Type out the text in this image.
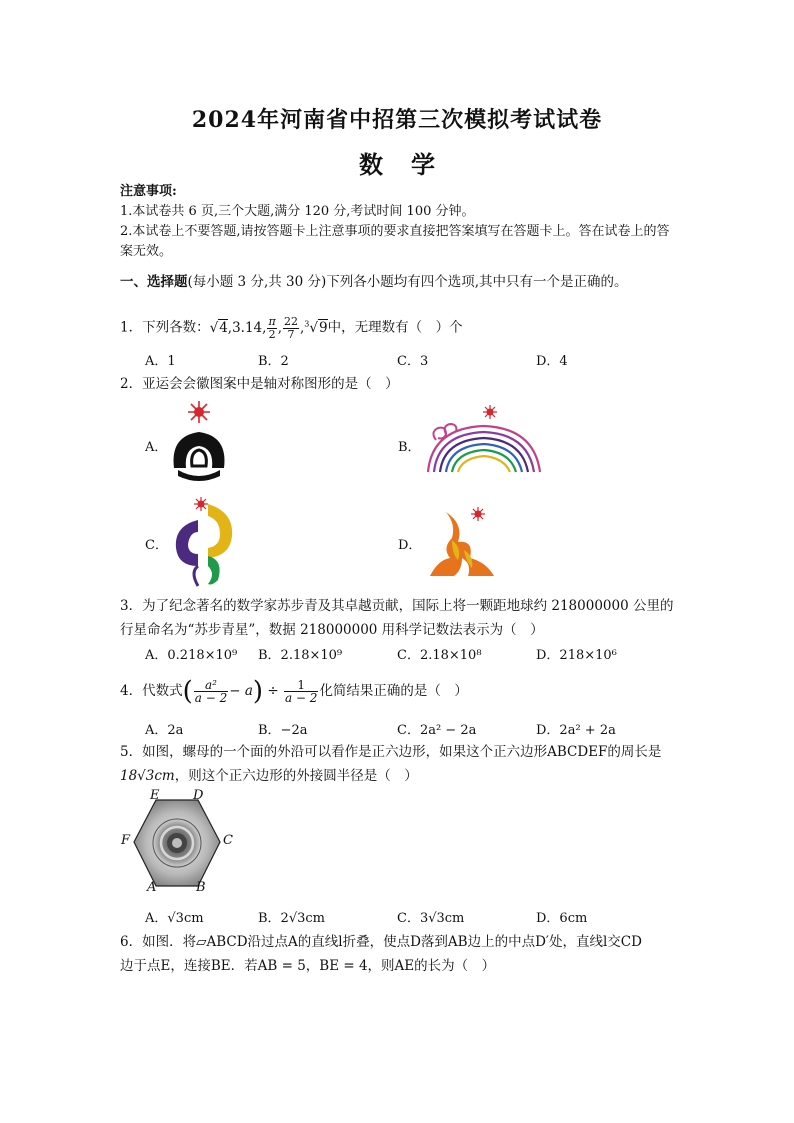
2024年河南省中招第三次模拟考试试卷
数学
注意事项:
1.本试卷共 6 页,三个大题,满分 120 分,考试时间 100 分钟。
2.本试卷上不要答题,请按答题卡上注意事项的要求直接把答案填写在答题卡上。答在试卷上的答案无效。
一、选择题(每小题 3 分,共 30 分)下列各小题均有四个选项,其中只有一个是正确的。
1．下列各数：√4,3.14, $\frac{\pi}{2}$ , $\frac{22}{7} ,^3√9$中，无理数有（　）个
A．1	B．2	C．3	D．4
2．亚运会会徽图案中是轴对称图形的是（　）
A．	B．
C．	D．
3．为了纪念著名的数学家苏步青及其卓越贡献，国际上将一颗距地球约 218000000 公里的
行星命名为“苏步青星”，数据 218000000 用科学记数法表示为（　）
A．0.218×10⁹ B．2.18×10⁹	C．2.18×10⁸	D．218×10⁶
4．代数式( $\frac{\text{a²}}{a - 2} - a) \div \frac{1}{a - 2}$ 化简结果正确的是（　）
A．2a	B．−2a	C．2a² − 2a	D．2a² + 2a
5．如图，螺母的一个面的外沿可以看作是正六边形，如果这个正六边形ABCDEF的周长是
18√3cm，则这个正六边形的外接圆半径是（　）
E	D
F	C
A	B
A．√3cm	B．2√3cm	C．3√3cm	D．6cm
6．如图．将▱ABCD沿过点A的直线l折叠，使点D落到AB边上的中点D′处，直线l交CD
边于点E，连接BE．若AB = 5，BE = 4，则AE的长为（　）
